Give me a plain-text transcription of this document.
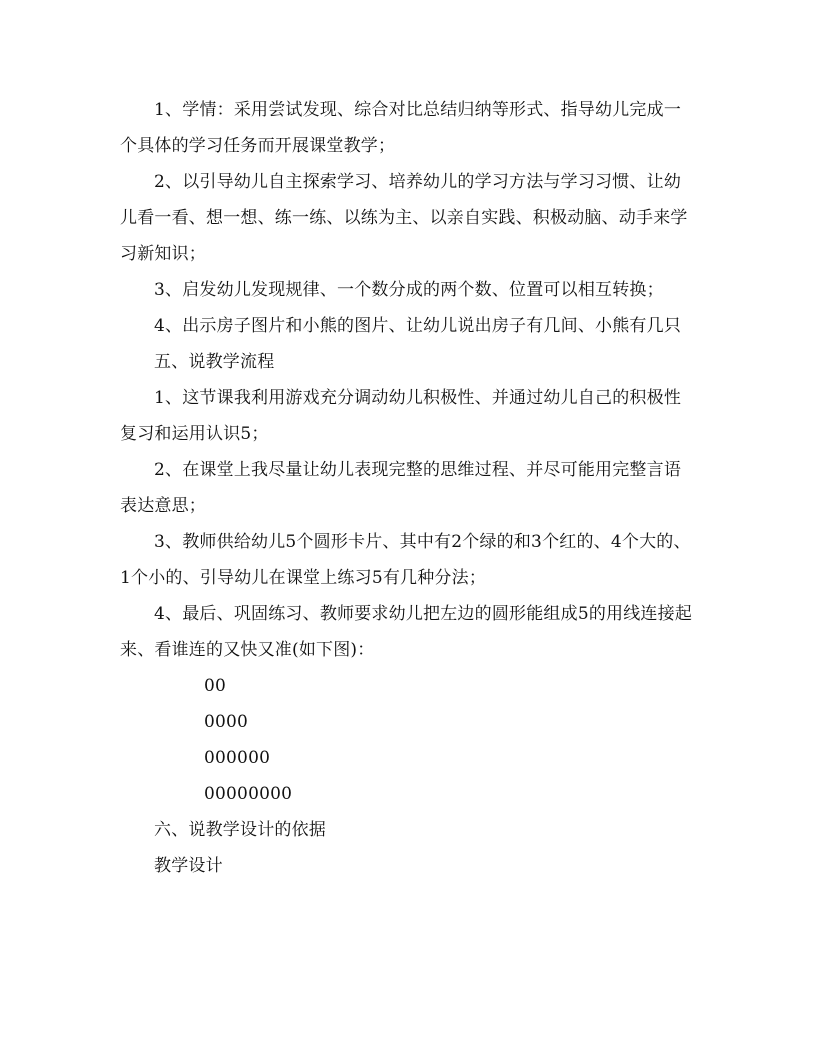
1、学情：采用尝试发现、综合对比总结归纳等形式、指导幼儿完成一个具体的学习任务而开展课堂教学；

2、以引导幼儿自主探索学习、培养幼儿的学习方法与学习习惯、让幼儿看一看、想一想、练一练、以练为主、以亲自实践、积极动脑、动手来学习新知识；

3、启发幼儿发现规律、一个数分成的两个数、位置可以相互转换；

4、出示房子图片和小熊的图片、让幼儿说出房子有几间、小熊有几只

五、说教学流程

1、这节课我利用游戏充分调动幼儿积极性、并通过幼儿自己的积极性复习和运用认识5；

2、在课堂上我尽量让幼儿表现完整的思维过程、并尽可能用完整言语表达意思；

3、教师供给幼儿5个圆形卡片、其中有2个绿的和3个红的、4个大的、1个小的、引导幼儿在课堂上练习5有几种分法；

4、最后、巩固练习、教师要求幼儿把左边的圆形能组成5的用线连接起来、看谁连的又快又准(如下图)：

00

0000

000000

00000000

六、说教学设计的依据

教学设计
